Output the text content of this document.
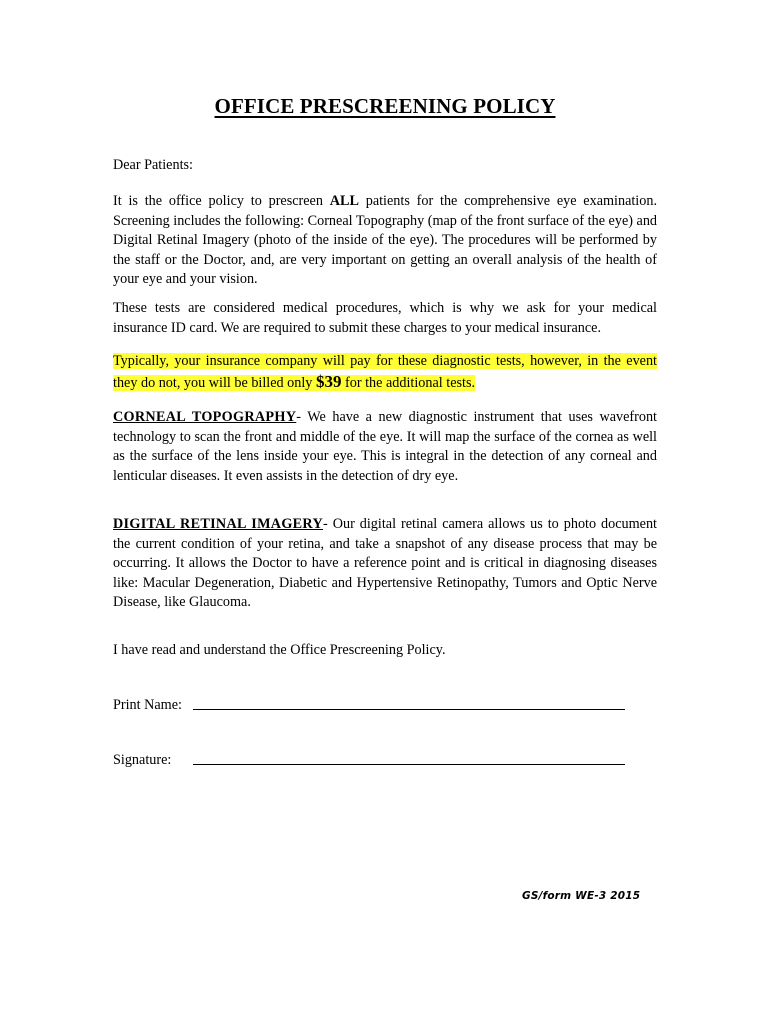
OFFICE PRESCREENING POLICY
Dear Patients:
It is the office policy to prescreen ALL patients for the comprehensive eye examination. Screening includes the following: Corneal Topography (map of the front surface of the eye) and Digital Retinal Imagery (photo of the inside of the eye). The procedures will be performed by the staff or the Doctor, and, are very important on getting an overall analysis of the health of your eye and your vision.
These tests are considered medical procedures, which is why we ask for your medical insurance ID card. We are required to submit these charges to your medical insurance.
Typically, your insurance company will pay for these diagnostic tests, however, in the event they do not, you will be billed only $39 for the additional tests.
CORNEAL TOPOGRAPHY- We have a new diagnostic instrument that uses wavefront technology to scan the front and middle of the eye. It will map the surface of the cornea as well as the surface of the lens inside your eye. This is integral in the detection of any corneal and lenticular diseases. It even assists in the detection of dry eye.
DIGITAL RETINAL IMAGERY- Our digital retinal camera allows us to photo document the current condition of your retina, and take a snapshot of any disease process that may be occurring. It allows the Doctor to have a reference point and is critical in diagnosing diseases like: Macular Degeneration, Diabetic and Hypertensive Retinopathy, Tumors and Optic Nerve Disease, like Glaucoma.
I have read and understand the Office Prescreening Policy.
Print Name:
Signature:
GS/form WE-3 2015
